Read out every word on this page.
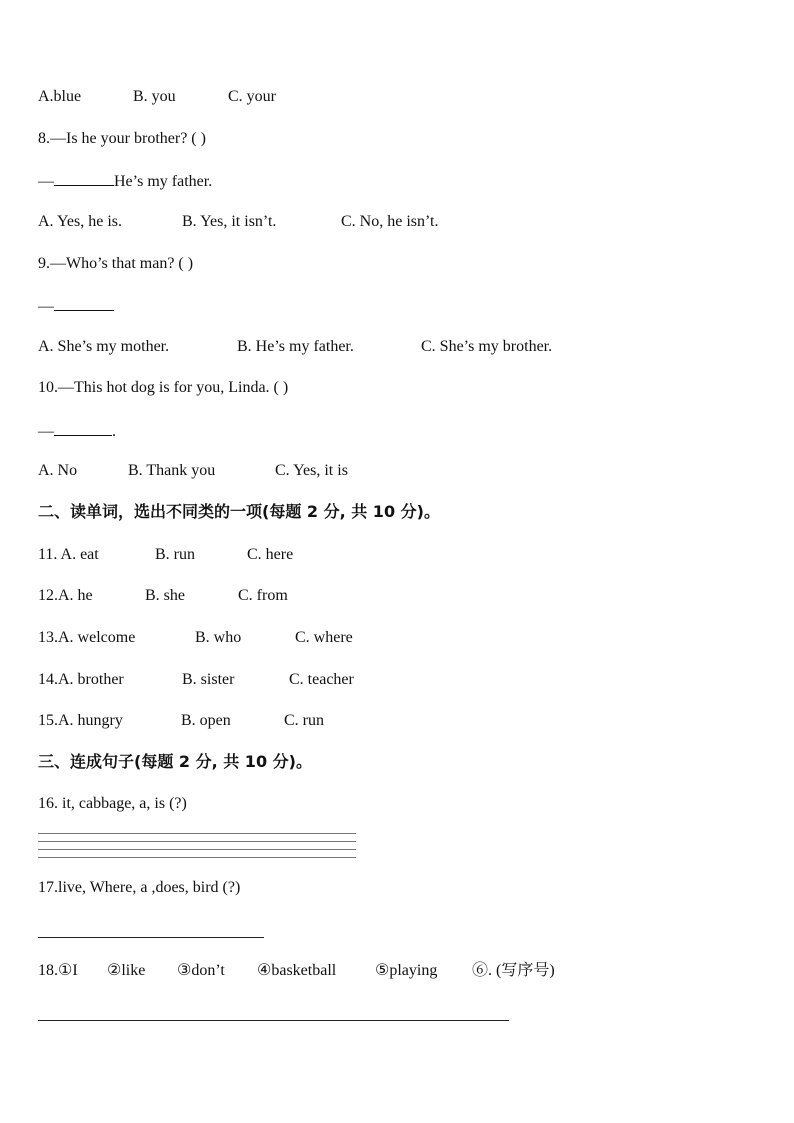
A.blue	B. you	C. your
8.—Is he your brother? ( )
—	He’s my father.
A. Yes, he is.	B. Yes, it isn’t.	C. No, he isn’t.
9.—Who’s that man? ( )
—
A. She’s my mother.	B. He’s my father.	C. She’s my brother.
10.—This hot dog is for you, Linda. ( )
—	.
A. No	B. Thank you	C. Yes, it is
二、读单词，选出不同类的一项(每题 2 分, 共 10 分)。
11. A. eat	B. run	C. here
12.A. he	B. she	C. from
13.A. welcome	B. who	C. where
14.A. brother	B. sister	C. teacher
15.A. hungry	B. open	C. run
三、连成句子(每题 2 分, 共 10 分)。
16. it, cabbage, a, is (?)
17.live, Where, a ,does, bird (?)
18.①I ②like ③don’t ④basketball ⑤playing ⑥. (写序号)
